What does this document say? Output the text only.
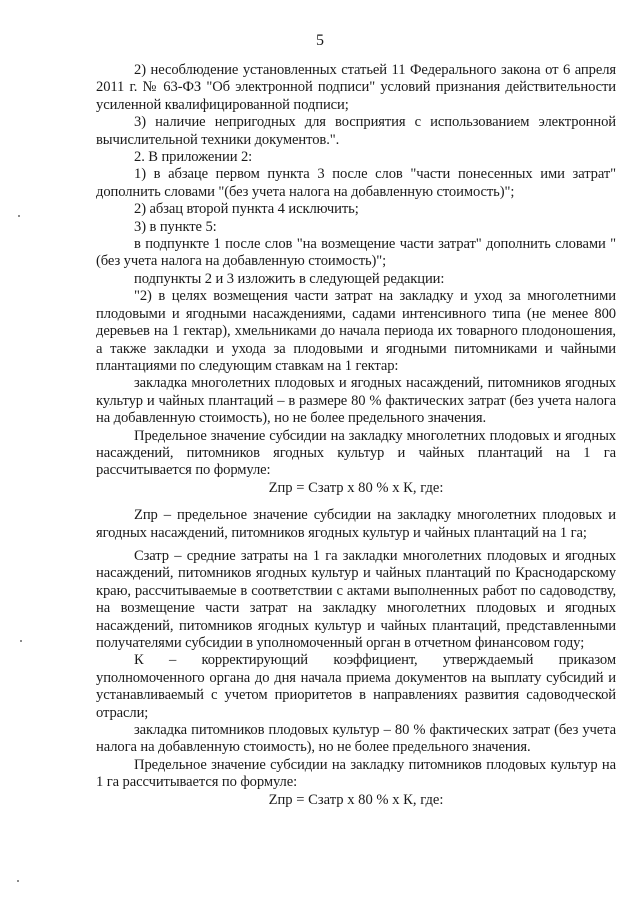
5

2) несоблюдение установленных статьей 11 Федерального закона от 6 апреля 2011 г. № 63-ФЗ "Об электронной подписи" условий признания действительности усиленной квалифицированной подписи;

3) наличие непригодных для восприятия с использованием электронной вычислительной техники документов.".

2. В приложении 2:

1) в абзаце первом пункта 3 после слов "части понесенных ими затрат" дополнить словами "(без учета налога на добавленную стоимость)";

2) абзац второй пункта 4 исключить;

3) в пункте 5:

в подпункте 1 после слов "на возмещение части затрат" дополнить словами "(без учета налога на добавленную стоимость)";

подпункты 2 и 3 изложить в следующей редакции:

"2) в целях возмещения части затрат на закладку и уход за многолетними плодовыми и ягодными насаждениями, садами интенсивного типа (не менее 800 деревьев на 1 гектар), хмельниками до начала периода их товарного плодоношения, а также закладки и ухода за плодовыми и ягодными питомниками и чайными плантациями по следующим ставкам на 1 гектар:

закладка многолетних плодовых и ягодных насаждений, питомников ягодных культур и чайных плантаций – в размере 80 % фактических затрат (без учета налога на добавленную стоимость), но не более предельного значения.

Предельное значение субсидии на закладку многолетних плодовых и ягодных насаждений, питомников ягодных культур и чайных плантаций на 1 га рассчитывается по формуле:

Zпр = Сзатр х 80 % х К, где:

Zпр – предельное значение субсидии на закладку многолетних плодовых и ягодных насаждений, питомников ягодных культур и чайных плантаций на 1 га;

Сзатр – средние затраты на 1 га закладки многолетних плодовых и ягодных насаждений, питомников ягодных культур и чайных плантаций по Краснодарскому краю, рассчитываемые в соответствии с актами выполненных работ по садоводству, на возмещение части затрат на закладку многолетних плодовых и ягодных насаждений, питомников ягодных культур и чайных плантаций, представленными получателями субсидии в уполномоченный орган в отчетном финансовом году;

К – корректирующий коэффициент, утверждаемый приказом уполномоченного органа до дня начала приема документов на выплату субсидий и устанавливаемый с учетом приоритетов в направлениях развития садоводческой отрасли;

закладка питомников плодовых культур – 80 % фактических затрат (без учета налога на добавленную стоимость), но не более предельного значения.

Предельное значение субсидии на закладку питомников плодовых культур на 1 га рассчитывается по формуле:

Zпр = Сзатр х 80 % х К, где:
